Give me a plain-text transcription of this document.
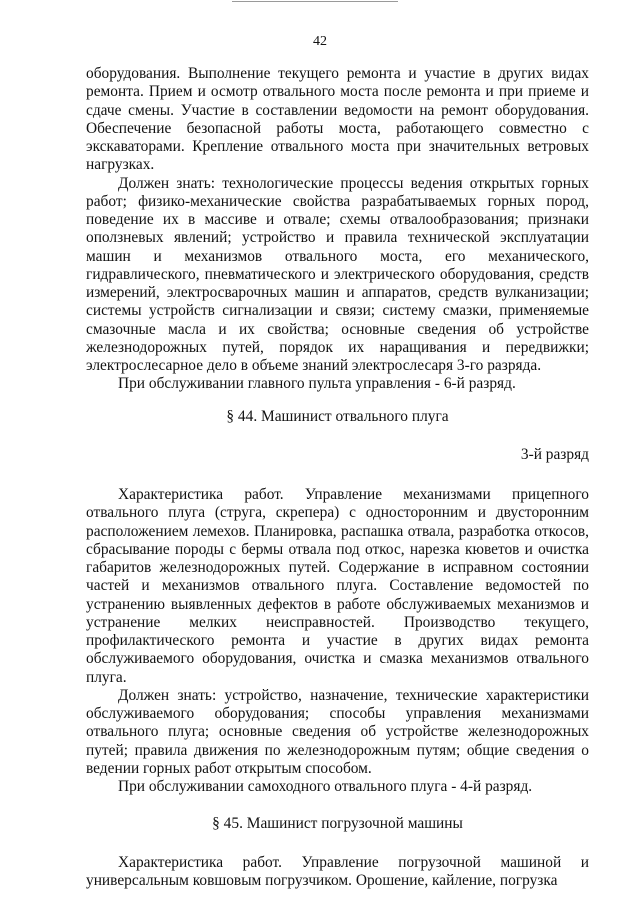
42

оборудования. Выполнение текущего ремонта и участие в других видах ремонта. Прием и осмотр отвального моста после ремонта и при приеме и сдаче смены. Участие в составлении ведомости на ремонт оборудования. Обеспечение безопасной работы моста, работающего совместно с экскаваторами. Крепление отвального моста при значительных ветровых нагрузках.

Должен знать: технологические процессы ведения открытых горных работ; физико-механические свойства разрабатываемых горных пород, поведение их в массиве и отвале; схемы отвалообразования; признаки оползневых явлений; устройство и правила технической эксплуатации машин и механизмов отвального моста, его механического, гидравлического, пневматического и электрического оборудования, средств измерений, электросварочных машин и аппаратов, средств вулканизации; системы устройств сигнализации и связи; систему смазки, применяемые смазочные масла и их свойства; основные сведения об устройстве железнодорожных путей, порядок их наращивания и передвижки; электрослесарное дело в объеме знаний электрослесаря 3-го разряда.

При обслуживании главного пульта управления - 6-й разряд.

§ 44. Машинист отвального плуга

3-й разряд

Характеристика работ. Управление механизмами прицепного отвального плуга (струга, скрепера) с односторонним и двусторонним расположением лемехов. Планировка, распашка отвала, разработка откосов, сбрасывание породы с бермы отвала под откос, нарезка кюветов и очистка габаритов железнодорожных путей. Содержание в исправном состоянии частей и механизмов отвального плуга. Составление ведомостей по устранению выявленных дефектов в работе обслуживаемых механизмов и устранение мелких неисправностей. Производство текущего, профилактического ремонта и участие в других видах ремонта обслуживаемого оборудования, очистка и смазка механизмов отвального плуга.

Должен знать: устройство, назначение, технические характеристики обслуживаемого оборудования; способы управления механизмами отвального плуга; основные сведения об устройстве железнодорожных путей; правила движения по железнодорожным путям; общие сведения о ведении горных работ открытым способом.

При обслуживании самоходного отвального плуга - 4-й разряд.

§ 45. Машинист погрузочной машины

Характеристика работ. Управление погрузочной машиной и универсальным ковшовым погрузчиком. Орошение, кайление, погрузка
